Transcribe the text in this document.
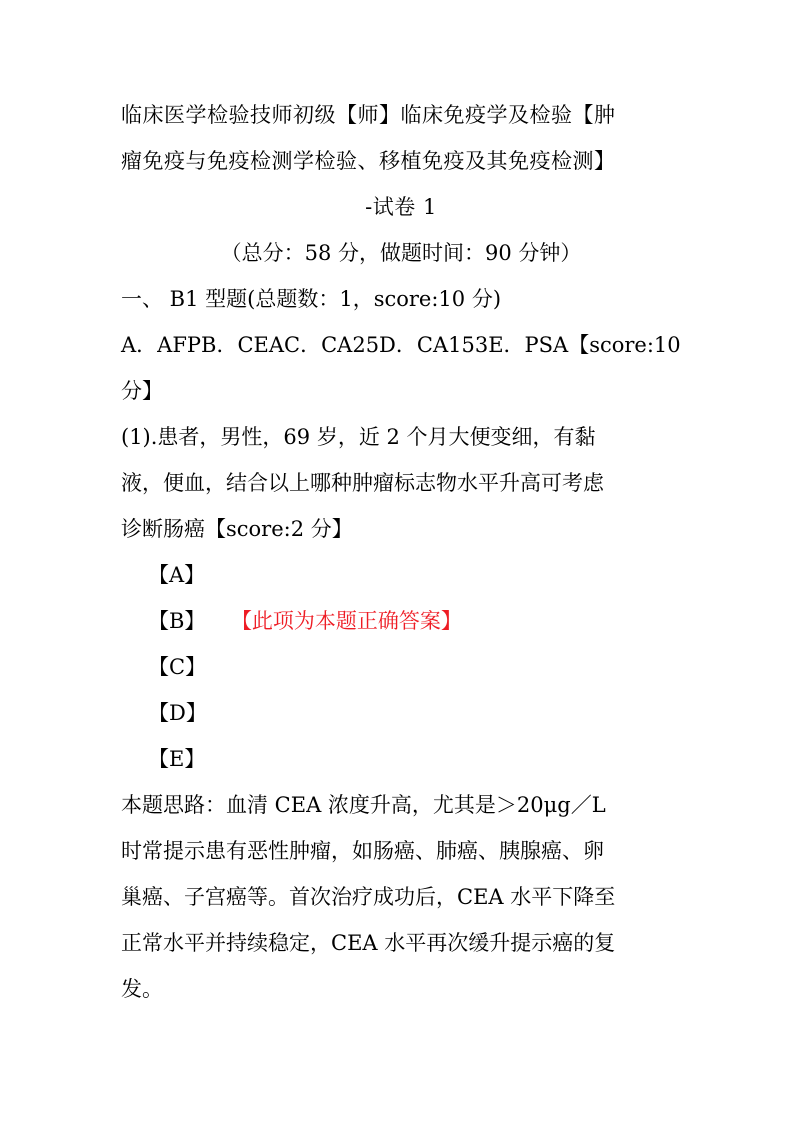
临床医学检验技师初级【师】临床免疫学及检验【肿
瘤免疫与免疫检测学检验、移植免疫及其免疫检测】
-试卷 1
（总分：58 分，做题时间：90 分钟）
一、 B1 型题(总题数：1，score:10 分)
A．AFPB．CEAC．CA25D．CA153E．PSA【score:10
分】
(1).患者，男性，69 岁，近 2 个月大便变细，有黏
液，便血，结合以上哪种肿瘤标志物水平升高可考虑
诊断肠癌【score:2 分】
【A】
【B】 【此项为本题正确答案】
【C】
【D】
【E】
本题思路：血清 CEA 浓度升高，尤其是＞20μg／L
时常提示患有恶性肿瘤，如肠癌、肺癌、胰腺癌、卵
巢癌、子宫癌等。首次治疗成功后，CEA 水平下降至
正常水平并持续稳定，CEA 水平再次缓升提示癌的复
发。
